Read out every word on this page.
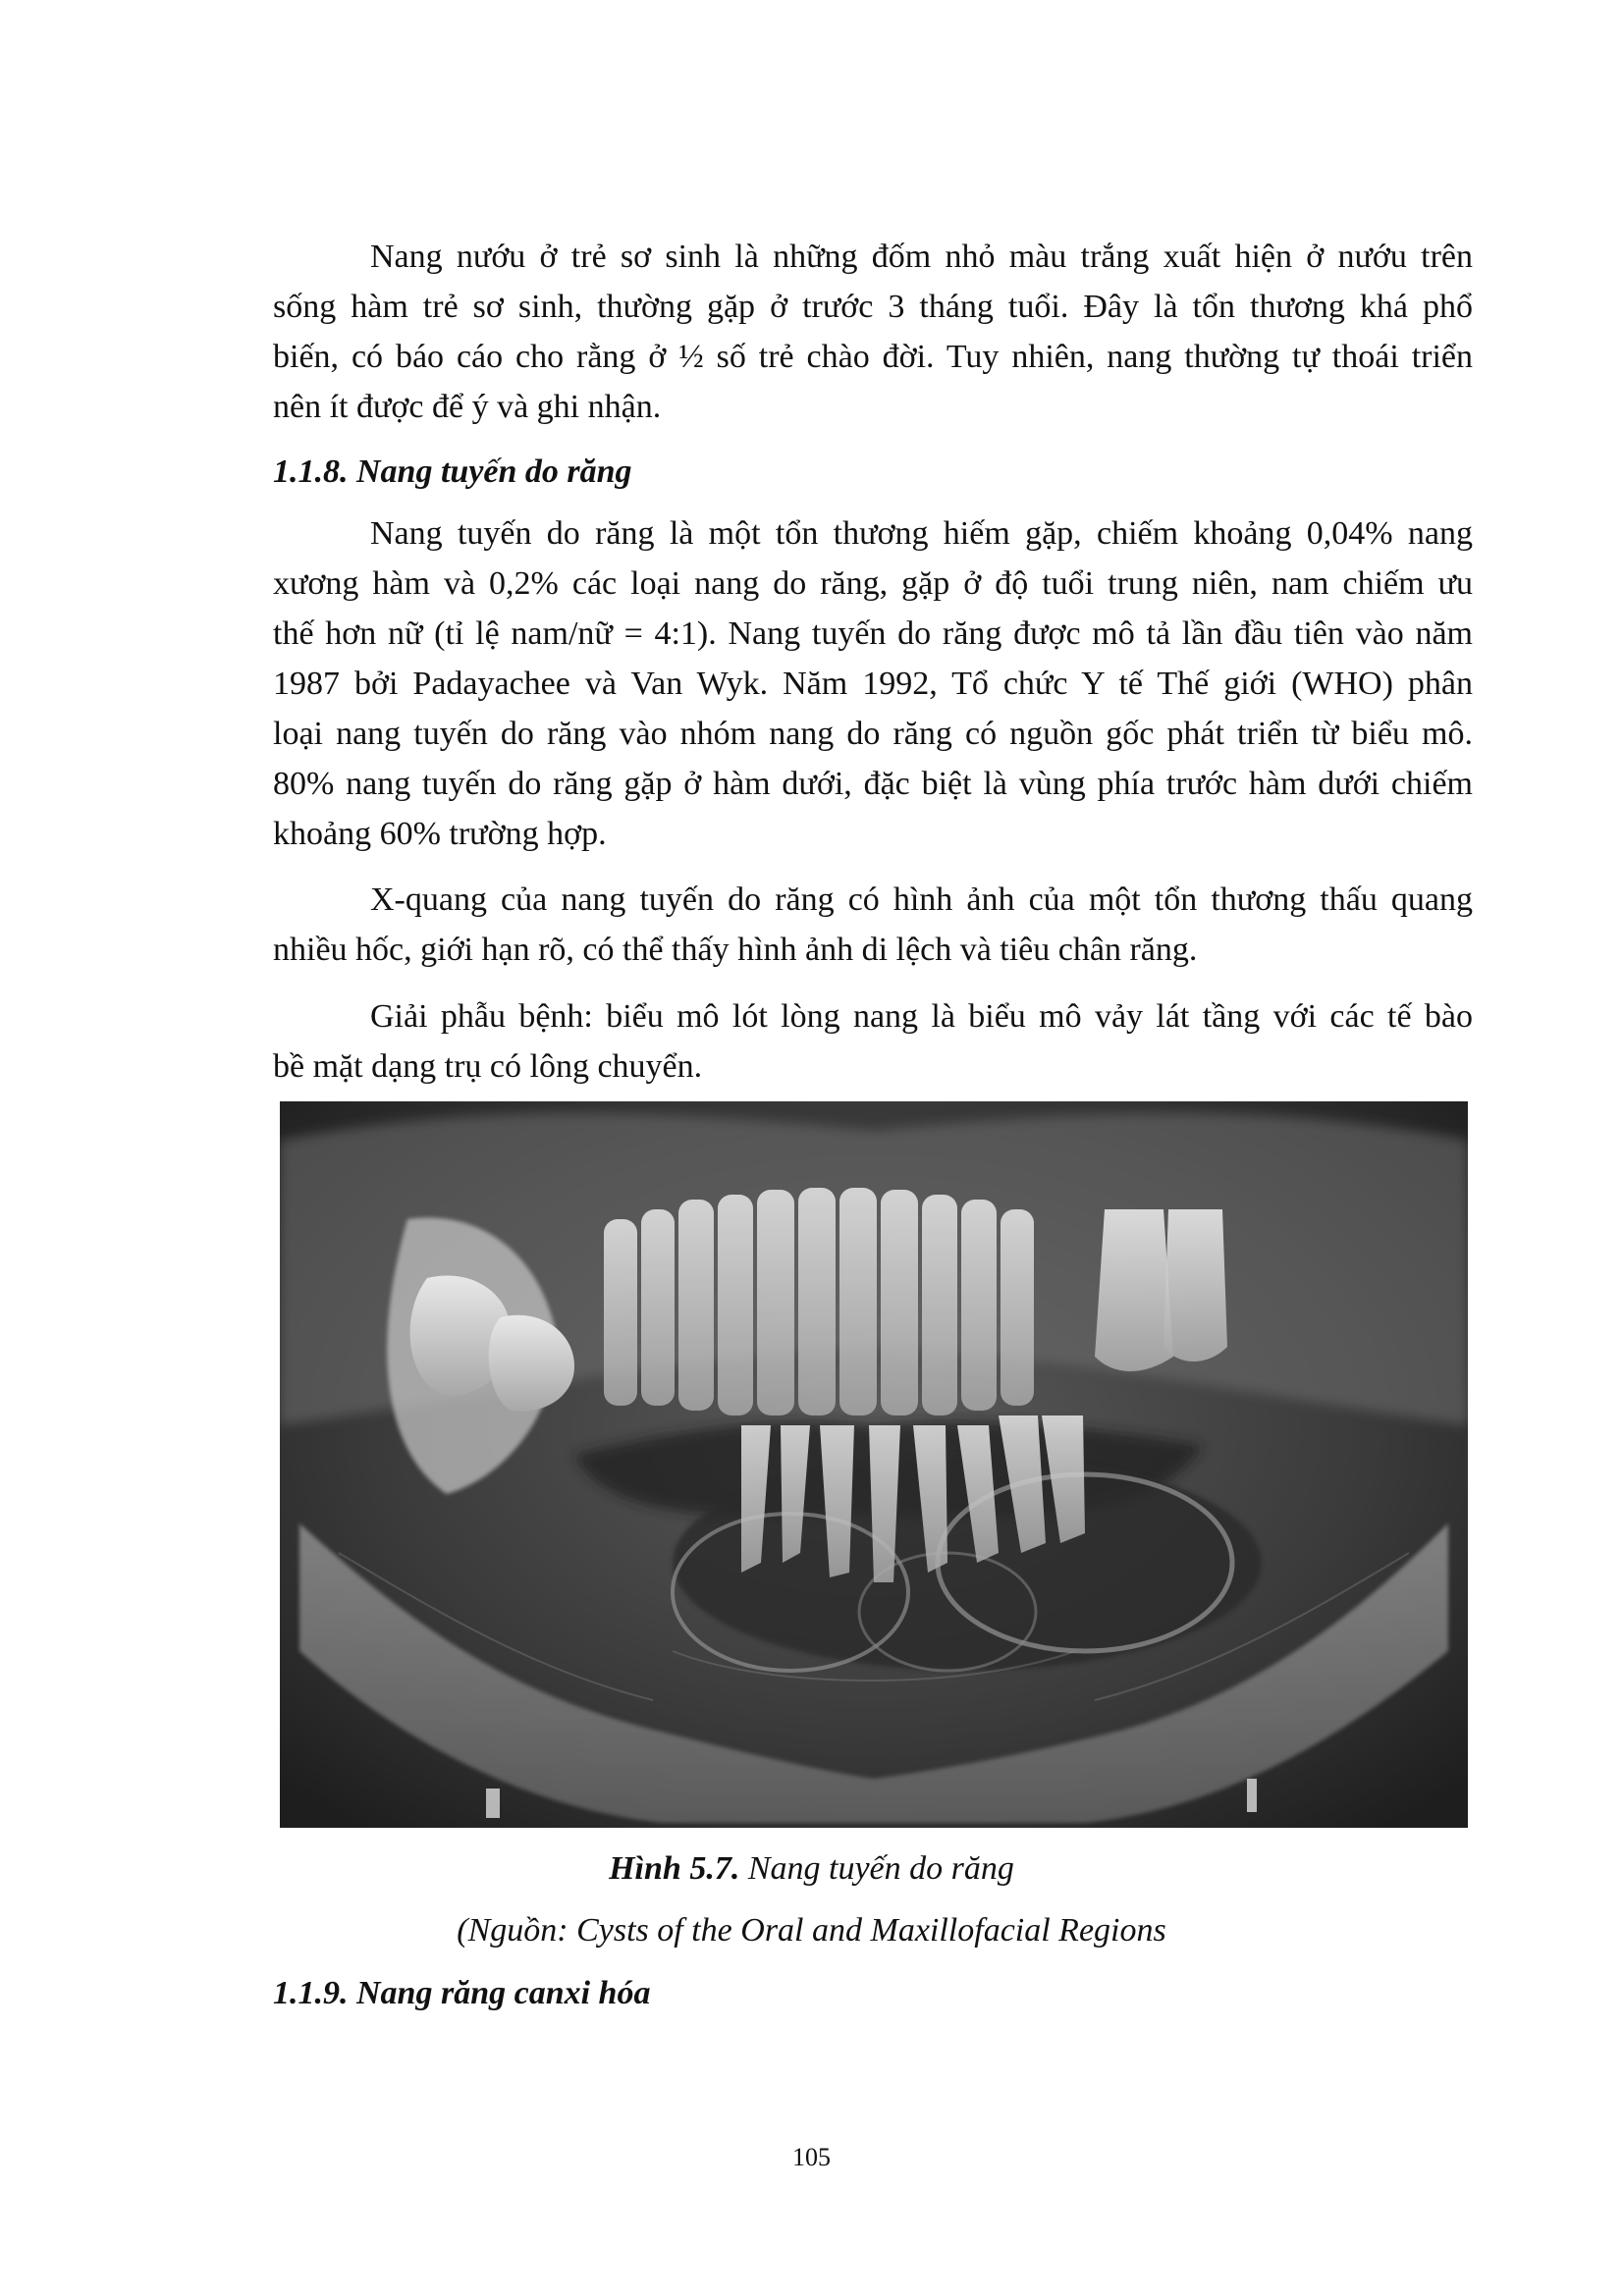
Nang nướu ở trẻ sơ sinh là những đốm nhỏ màu trắng xuất hiện ở nướu trên
sống hàm trẻ sơ sinh, thường gặp ở trước 3 tháng tuổi. Đây là tổn thương khá phổ
biến, có báo cáo cho rằng ở ½ số trẻ chào đời. Tuy nhiên, nang thường tự thoái triển
nên ít được để ý và ghi nhận.
1.1.8. Nang tuyến do răng
Nang tuyến do răng là một tổn thương hiếm gặp, chiếm khoảng 0,04% nang
xương hàm và 0,2% các loại nang do răng, gặp ở độ tuổi trung niên, nam chiếm ưu
thế hơn nữ (tỉ lệ nam/nữ = 4:1). Nang tuyến do răng được mô tả lần đầu tiên vào năm
1987 bởi Padayachee và Van Wyk. Năm 1992, Tổ chức Y tế Thế giới (WHO) phân
loại nang tuyến do răng vào nhóm nang do răng có nguồn gốc phát triển từ biểu mô.
80% nang tuyến do răng gặp ở hàm dưới, đặc biệt là vùng phía trước hàm dưới chiếm
khoảng 60% trường hợp.
X-quang của nang tuyến do răng có hình ảnh của một tổn thương thấu quang
nhiều hốc, giới hạn rõ, có thể thấy hình ảnh di lệch và tiêu chân răng.
Giải phẫu bệnh: biểu mô lót lòng nang là biểu mô vảy lát tầng với các tế bào
bề mặt dạng trụ có lông chuyển.

Hình 5.7. Nang tuyến do răng

(Nguồn: Cysts of the Oral and Maxillofacial Regions

1.1.9. Nang răng canxi hóa
105
